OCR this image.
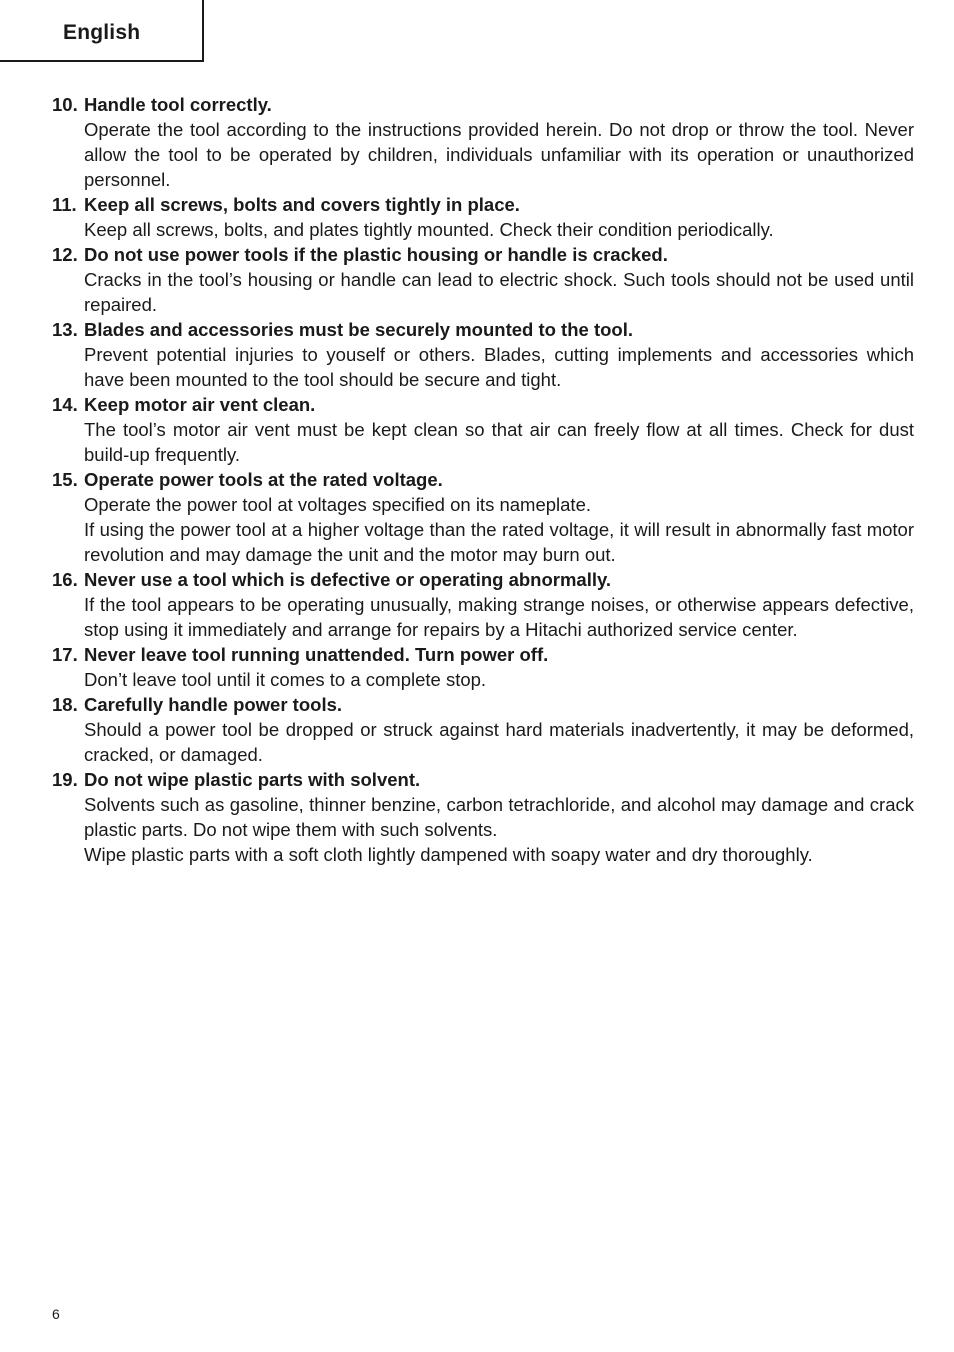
English
10. Handle tool correctly.
Operate the tool according to the instructions provided herein. Do not drop or throw the tool. Never allow the tool to be operated by children, individuals unfamiliar with its operation or unauthorized personnel.
11. Keep all screws, bolts and covers tightly in place.
Keep all screws, bolts, and plates tightly mounted. Check their condition periodically.
12. Do not use power tools if the plastic housing or handle is cracked.
Cracks in the tool’s housing or handle can lead to electric shock. Such tools should not be used until repaired.
13. Blades and accessories must be securely mounted to the tool.
Prevent potential injuries to youself or others. Blades, cutting implements and accessories which have been mounted to the tool should be secure and tight.
14. Keep motor air vent clean.
The tool’s motor air vent must be kept clean so that air can freely flow at all times. Check for dust build-up frequently.
15. Operate power tools at the rated voltage.
Operate the power tool at voltages specified on its nameplate.
If using the power tool at a higher voltage than the rated voltage, it will result in abnormally fast motor revolution and may damage the unit and the motor may burn out.
16. Never use a tool which is defective or operating abnormally.
If the tool appears to be operating unusually, making strange noises, or otherwise appears defective, stop using it immediately and arrange for repairs by a Hitachi authorized service center.
17. Never leave tool running unattended. Turn power off.
Don’t leave tool until it comes to a complete stop.
18. Carefully handle power tools.
Should a power tool be dropped or struck against hard materials inadvertently, it may be deformed, cracked, or damaged.
19. Do not wipe plastic parts with solvent.
Solvents such as gasoline, thinner benzine, carbon tetrachloride, and alcohol may damage and crack plastic parts. Do not wipe them with such solvents.
Wipe plastic parts with a soft cloth lightly dampened with soapy water and dry thoroughly.
6
